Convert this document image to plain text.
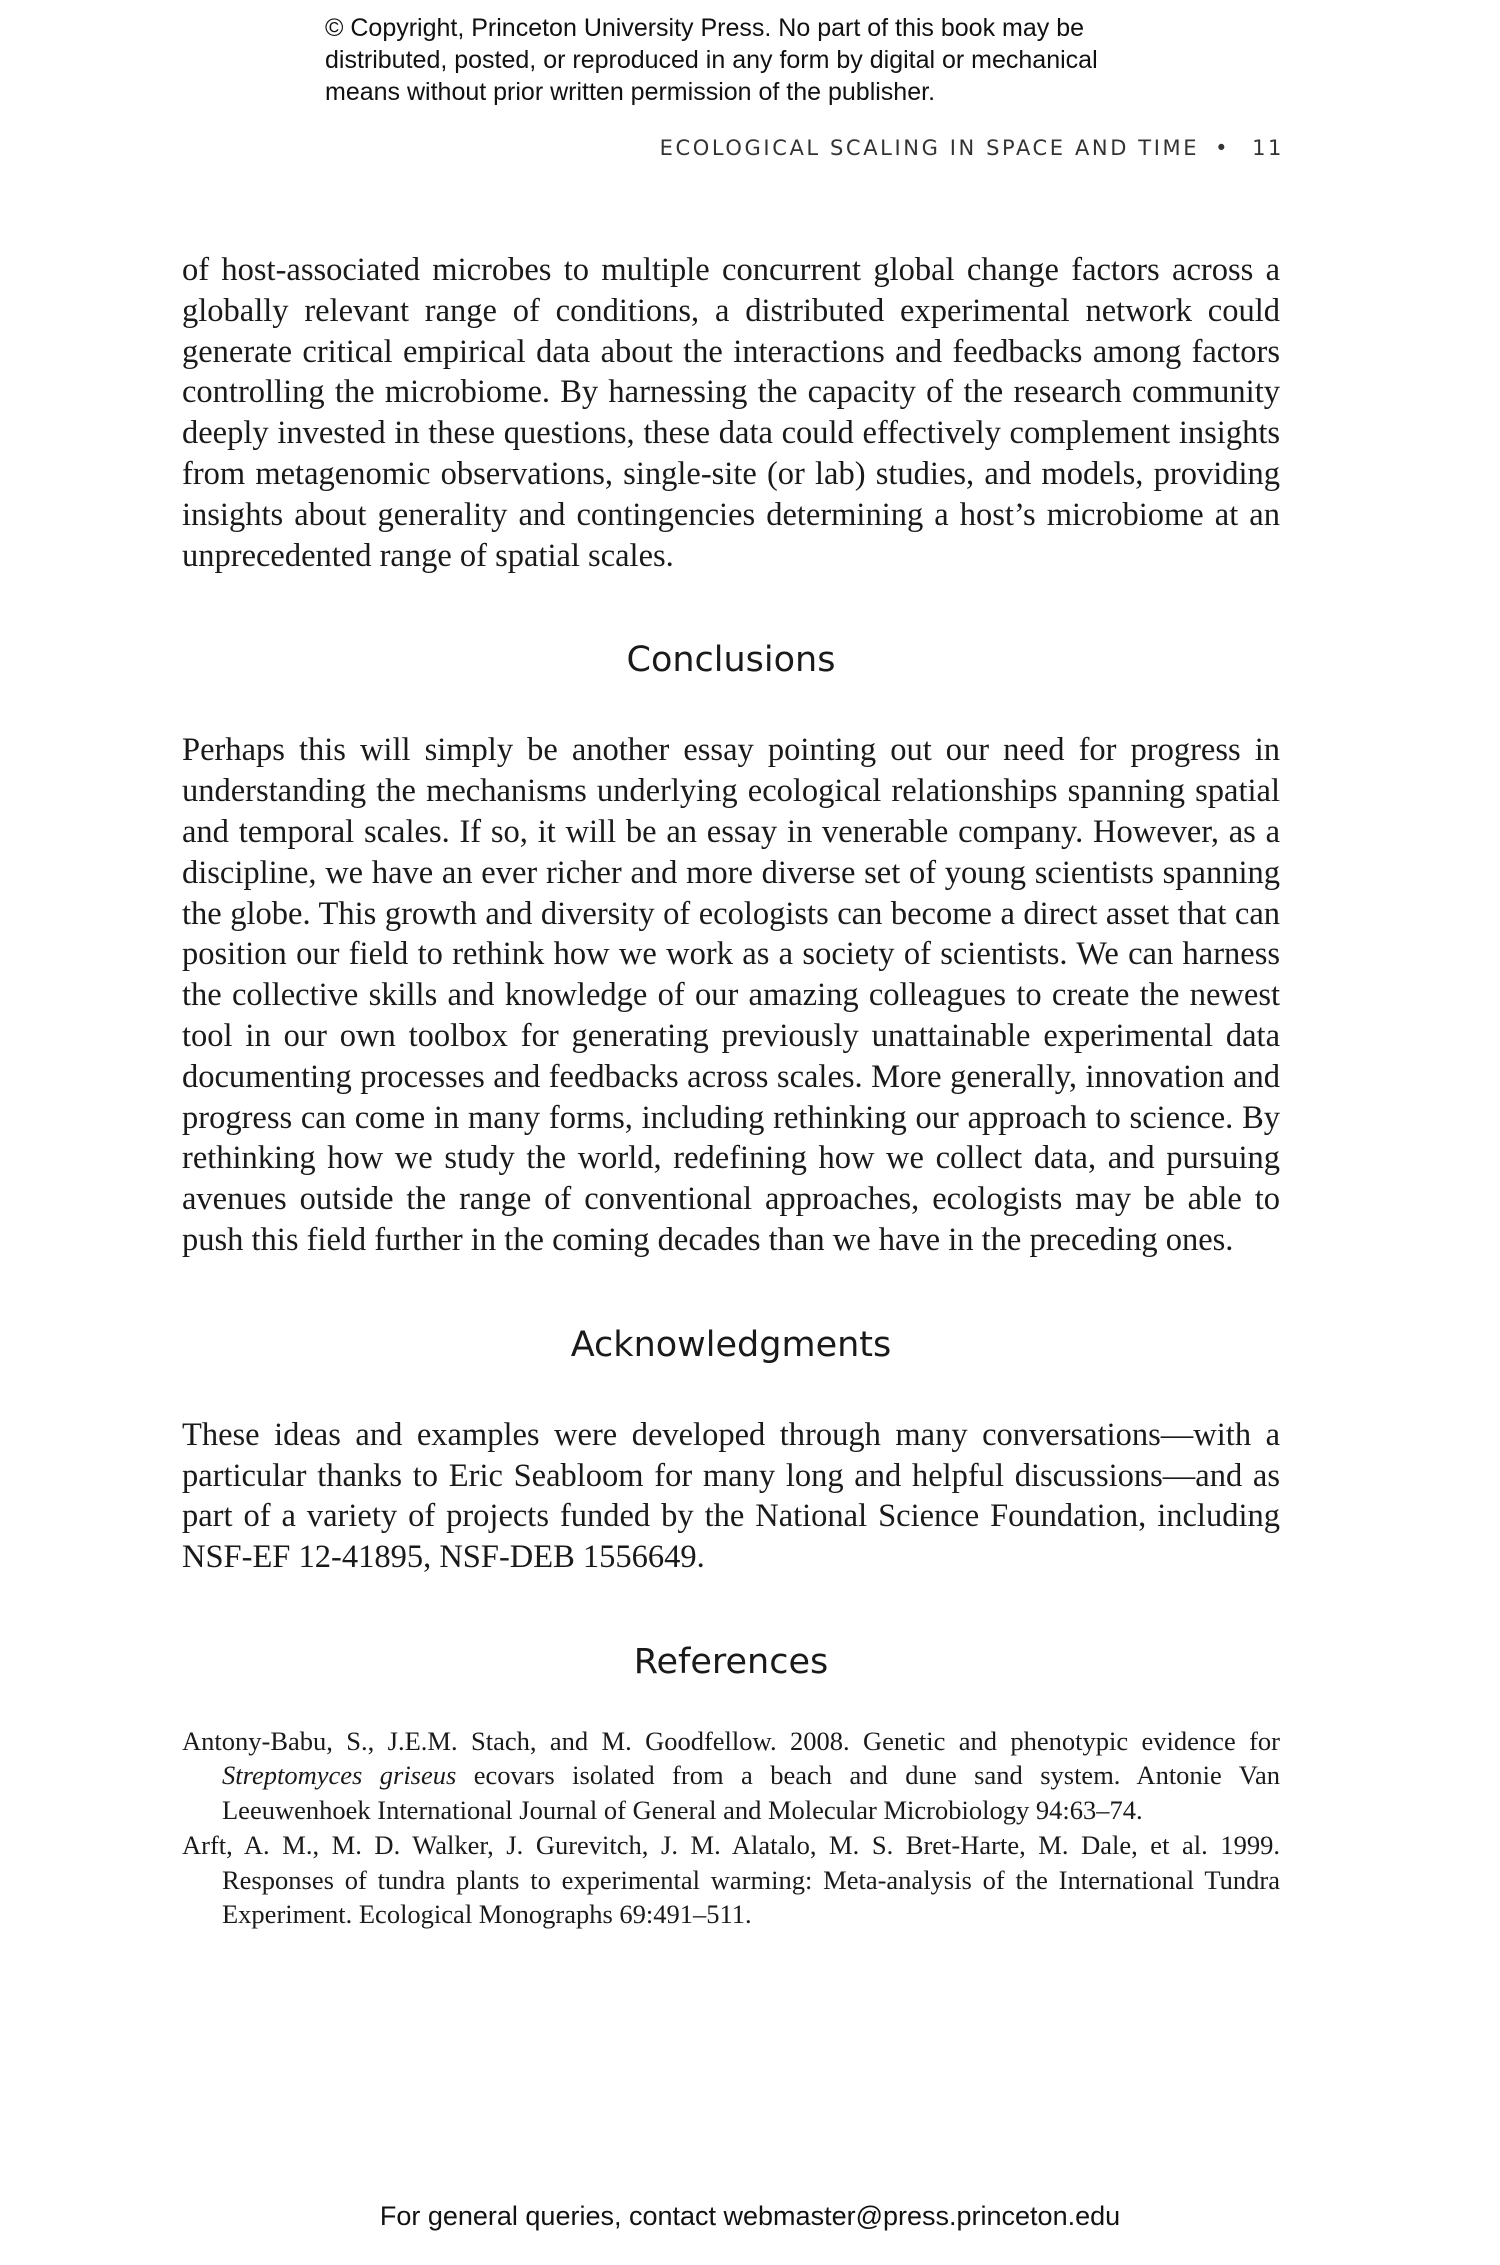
© Copyright, Princeton University Press. No part of this book may be
distributed, posted, or reproduced in any form by digital or mechanical
means without prior written permission of the publisher.
ECOLOGICAL SCALING IN SPACE AND TIME • 11

of host-associated microbes to multiple concurrent global change factors across a globally relevant range of conditions, a distributed experimental network could generate critical empirical data about the interactions and feedbacks among factors controlling the microbiome. By harnessing the capacity of the research community deeply invested in these questions, these data could effectively complement insights from metagenomic observations, single-site (or lab) studies, and models, providing insights about generality and contingencies determining a host’s microbiome at an unprecedented range of spatial scales.

Conclusions

Perhaps this will simply be another essay pointing out our need for progress in understanding the mechanisms underlying ecological relationships spanning spatial and temporal scales. If so, it will be an essay in venerable company. However, as a discipline, we have an ever richer and more diverse set of young scientists spanning the globe. This growth and diversity of ecologists can become a direct asset that can position our field to rethink how we work as a society of scientists. We can harness the collective skills and knowledge of our amazing colleagues to create the newest tool in our own toolbox for generating previously unattainable experimental data documenting processes and feedbacks across scales. More generally, innovation and progress can come in many forms, including rethinking our approach to science. By rethinking how we study the world, redefining how we collect data, and pursuing avenues outside the range of conventional approaches, ecologists may be able to push this field further in the coming decades than we have in the preceding ones.

Acknowledgments

These ideas and examples were developed through many conversations—with a particular thanks to Eric Seabloom for many long and helpful discussions—and as part of a variety of projects funded by the National Science Foundation, including NSF-EF 12-41895, NSF-DEB 1556649.

References

Antony-Babu, S., J.E.M. Stach, and M. Goodfellow. 2008. Genetic and phenotypic evidence for Streptomyces griseus ecovars isolated from a beach and dune sand system. Antonie Van Leeuwenhoek International Journal of General and Molecular Microbiology 94:63–74.

Arft, A. M., M. D. Walker, J. Gurevitch, J. M. Alatalo, M. S. Bret-Harte, M. Dale, et al. 1999. Responses of tundra plants to experimental warming: Meta-analysis of the International Tundra Experiment. Ecological Monographs 69:491–511.

For general queries, contact webmaster@press.princeton.edu
